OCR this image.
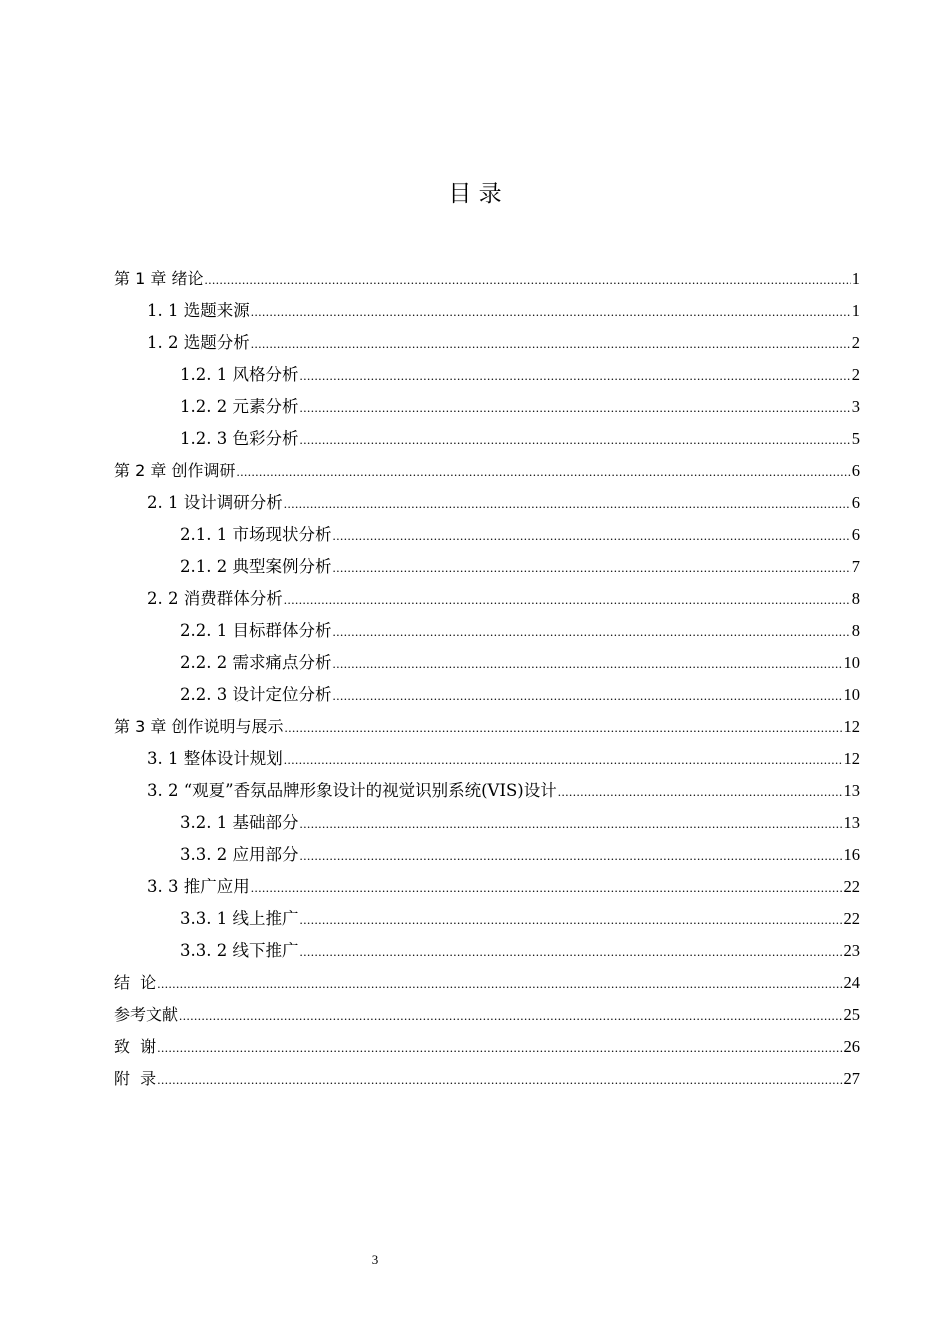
目 录
第 1 章 绪论 .....	1
1. 1 选题来源 .....	1
1. 2 选题分析 .....	2
1.2. 1 风格分析 .....	2
1.2. 2 元素分析 .....	3
1.2. 3 色彩分析 .....	5
第 2 章 创作调研 .....	6
2. 1 设计调研分析 .....	6
2.1. 1 市场现状分析 .....	6
2.1. 2 典型案例分析 .....	7
2. 2 消费群体分析 .....	8
2.2. 1 目标群体分析 .....	8
2.2. 2 需求痛点分析 .....	10
2.2. 3 设计定位分析 .....	10
第 3 章 创作说明与展示 .....	12
3. 1 整体设计规划 .....	12
3. 2 “观夏”香氛品牌形象设计的视觉识别系统(VIS)设计 .....	13
3.2. 1 基础部分 .....	13
3.3. 2 应用部分 .....	16
3. 3 推广应用 .....	22
3.3. 1 线上推广 .....	22
3.3. 2 线下推广 .....	23
结  论 .....	24
参考文献 .....	25
致  谢 .....	26
附  录 .....	27
3
